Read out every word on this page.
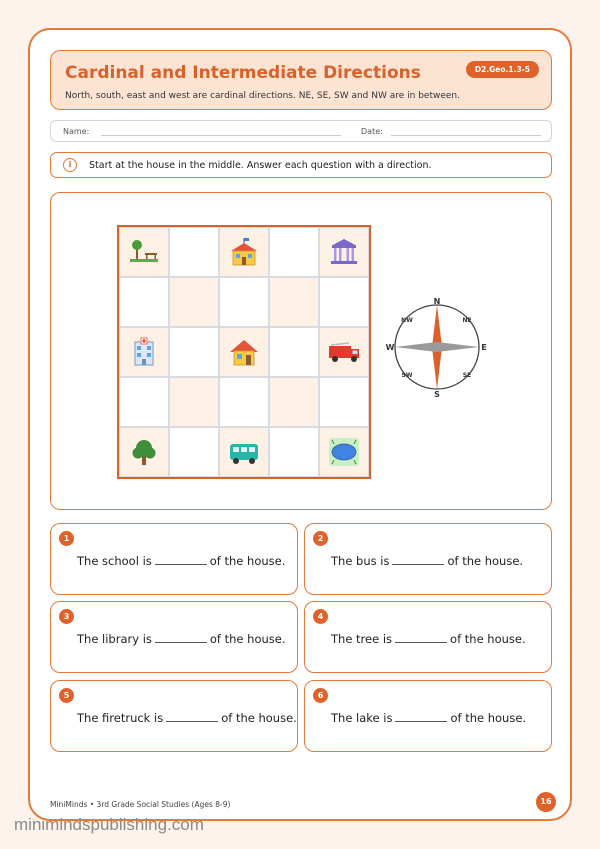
Cardinal and Intermediate Directions
North, south, east and west are cardinal directions. NE, SE, SW and NW are in between.
D2.Geo.1.3-5
Name:	Date:
i	Start at the house in the middle. Answer each question with a direction.
N
S
E
W
NE
NW
SE
SW
1
The school is	of the house.
2
The bus is	of the house.
3
The library is	of the house.
4
The tree is	of the house.
5
The firetruck is	of the house.
6
The lake is	of the house.
MiniMinds • 3rd Grade Social Studies (Ages 8-9)	16
minimindspublishing.com
